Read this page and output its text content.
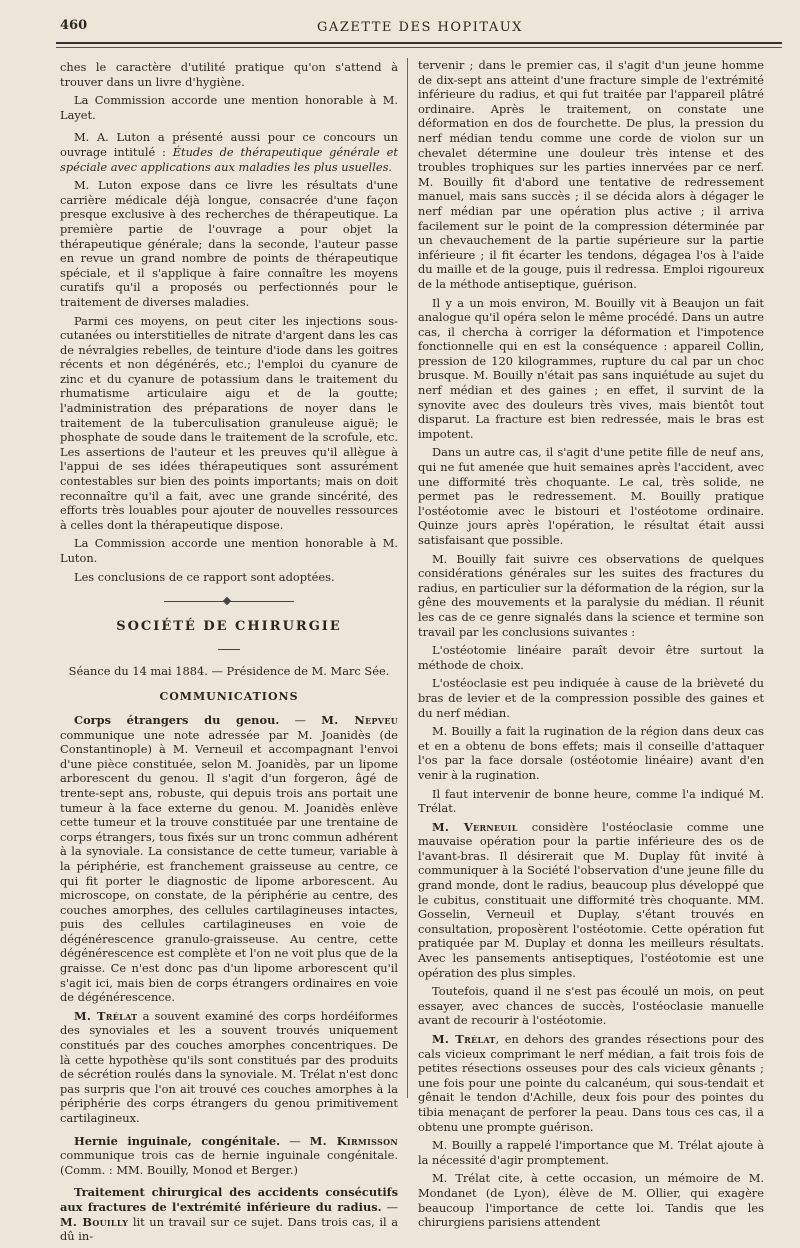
460	GAZETTE DES HOPITAUX

ches le caractère d'utilité pratique qu'on s'attend à trouver dans un livre d'hygiène.

La Commission accorde une mention honorable à M. Layet.

M. A. Luton a présenté aussi pour ce concours un ouvrage intitulé : Études de thérapeutique générale et spéciale avec applications aux maladies les plus usuelles.

M. Luton expose dans ce livre les résultats d'une carrière médicale déjà longue, consacrée d'une façon presque exclusive à des recherches de thérapeutique. La première partie de l'ouvrage a pour objet la thérapeutique générale; dans la seconde, l'auteur passe en revue un grand nombre de points de thérapeutique spéciale, et il s'applique à faire connaître les moyens curatifs qu'il a proposés ou perfectionnés pour le traitement de diverses maladies.

Parmi ces moyens, on peut citer les injections sous-cutanées ou interstitielles de nitrate d'argent dans les cas de névralgies rebelles, de teinture d'iode dans les goitres récents et non dégénérés, etc.; l'emploi du cyanure de zinc et du cyanure de potassium dans le traitement du rhumatisme articulaire aigu et de la goutte; l'administration des préparations de noyer dans le traitement de la tuberculisation granuleuse aiguë; le phosphate de soude dans le traitement de la scrofule, etc. Les assertions de l'auteur et les preuves qu'il allègue à l'appui de ses idées thérapeutiques sont assurément contestables sur bien des points importants; mais on doit reconnaître qu'il a fait, avec une grande sincérité, des efforts très louables pour ajouter de nouvelles ressources à celles dont la thérapeutique dispose.

La Commission accorde une mention honorable à M. Luton.

Les conclusions de ce rapport sont adoptées.

SOCIÉTÉ DE CHIRURGIE

Séance du 14 mai 1884. — Présidence de M. Marc Sée.

COMMUNICATIONS

Corps étrangers du genou. — M. Nepveu communique une note adressée par M. Joanidès (de Constantinople) à M. Verneuil et accompagnant l'envoi d'une pièce constituée, selon M. Joanidès, par un lipome arborescent du genou. Il s'agit d'un forgeron, âgé de trente-sept ans, robuste, qui depuis trois ans portait une tumeur à la face externe du genou. M. Joanidès enlève cette tumeur et la trouve constituée par une trentaine de corps étrangers, tous fixés sur un tronc commun adhérent à la synoviale. La consistance de cette tumeur, variable à la périphérie, est franchement graisseuse au centre, ce qui fit porter le diagnostic de lipome arborescent. Au microscope, on constate, de la périphérie au centre, des couches amorphes, des cellules cartilagineuses intactes, puis des cellules cartilagineuses en voie de dégénérescence granulo-graisseuse. Au centre, cette dégénérescence est complète et l'on ne voit plus que de la graisse. Ce n'est donc pas d'un lipome arborescent qu'il s'agit ici, mais bien de corps étrangers ordinaires en voie de dégénérescence.

M. Trélat a souvent examiné des corps hordéiformes des synoviales et les a souvent trouvés uniquement constitués par des couches amorphes concentriques. De là cette hypothèse qu'ils sont constitués par des produits de sécrétion roulés dans la synoviale. M. Trélat n'est donc pas surpris que l'on ait trouvé ces couches amorphes à la périphérie des corps étrangers du genou primitivement cartilagineux.

Hernie inguinale, congénitale. — M. Kirmisson communique trois cas de hernie inguinale congénitale. (Comm. : MM. Bouilly, Monod et Berger.)

Traitement chirurgical des accidents consécutifs aux fractures de l'extrémité inférieure du radius. — M. Bouilly lit un travail sur ce sujet. Dans trois cas, il a dû in-

tervenir ; dans le premier cas, il s'agit d'un jeune homme de dix-sept ans atteint d'une fracture simple de l'extrémité inférieure du radius, et qui fut traitée par l'appareil plâtré ordinaire. Après le traitement, on constate une déformation en dos de fourchette. De plus, la pression du nerf médian tendu comme une corde de violon sur un chevalet détermine une douleur très intense et des troubles trophiques sur les parties innervées par ce nerf. M. Bouilly fit d'abord une tentative de redressement manuel, mais sans succès ; il se décida alors à dégager le nerf médian par une opération plus active ; il arriva facilement sur le point de la compression déterminée par un chevauchement de la partie supérieure sur la partie inférieure ; il fit écarter les tendons, dégagea l'os à l'aide du maille et de la gouge, puis il redressa. Emploi rigoureux de la méthode antiseptique, guérison.

Il y a un mois environ, M. Bouilly vit à Beaujon un fait analogue qu'il opéra selon le même procédé. Dans un autre cas, il chercha à corriger la déformation et l'impotence fonctionnelle qui en est la conséquence : appareil Collin, pression de 120 kilogrammes, rupture du cal par un choc brusque. M. Bouilly n'était pas sans inquiétude au sujet du nerf médian et des gaines ; en effet, il survint de la synovite avec des douleurs très vives, mais bientôt tout disparut. La fracture est bien redressée, mais le bras est impotent.

Dans un autre cas, il s'agit d'une petite fille de neuf ans, qui ne fut amenée que huit semaines après l'accident, avec une difformité très choquante. Le cal, très solide, ne permet pas le redressement. M. Bouilly pratique l'ostéotomie avec le bistouri et l'ostéotome ordinaire. Quinze jours après l'opération, le résultat était aussi satisfaisant que possible.

M. Bouilly fait suivre ces observations de quelques considérations générales sur les suites des fractures du radius, en particulier sur la déformation de la région, sur la gêne des mouvements et la paralysie du médian. Il réunit les cas de ce genre signalés dans la science et termine son travail par les conclusions suivantes :

L'ostéotomie linéaire paraît devoir être surtout la méthode de choix.

L'ostéoclasie est peu indiquée à cause de la brièveté du bras de levier et de la compression possible des gaines et du nerf médian.

M. Bouilly a fait la rugination de la région dans deux cas et en a obtenu de bons effets; mais il conseille d'attaquer l'os par la face dorsale (ostéotomie linéaire) avant d'en venir à la rugination.

Il faut intervenir de bonne heure, comme l'a indiqué M. Trélat.

M. Verneuil considère l'ostéoclasie comme une mauvaise opération pour la partie inférieure des os de l'avant-bras. Il désirerait que M. Duplay fût invité à communiquer à la Société l'observation d'une jeune fille du grand monde, dont le radius, beaucoup plus développé que le cubitus, constituait une difformité très choquante. MM. Gosselin, Verneuil et Duplay, s'étant trouvés en consultation, proposèrent l'ostéotomie. Cette opération fut pratiquée par M. Duplay et donna les meilleurs résultats. Avec les pansements antiseptiques, l'ostéotomie est une opération des plus simples.

Toutefois, quand il ne s'est pas écoulé un mois, on peut essayer, avec chances de succès, l'ostéoclasie manuelle avant de recourir à l'ostéotomie.

M. Trélat, en dehors des grandes résections pour des cals vicieux comprimant le nerf médian, a fait trois fois de petites résections osseuses pour des cals vicieux gênants ; une fois pour une pointe du calcanéum, qui sous-tendait et gênait le tendon d'Achille, deux fois pour des pointes du tibia menaçant de perforer la peau. Dans tous ces cas, il a obtenu une prompte guérison.

M. Bouilly a rappelé l'importance que M. Trélat ajoute à la nécessité d'agir promptement.

M. Trélat cite, à cette occasion, un mémoire de M. Mondanet (de Lyon), élève de M. Ollier, qui exagère beaucoup l'importance de cette loi. Tandis que les chirurgiens parisiens attendent
